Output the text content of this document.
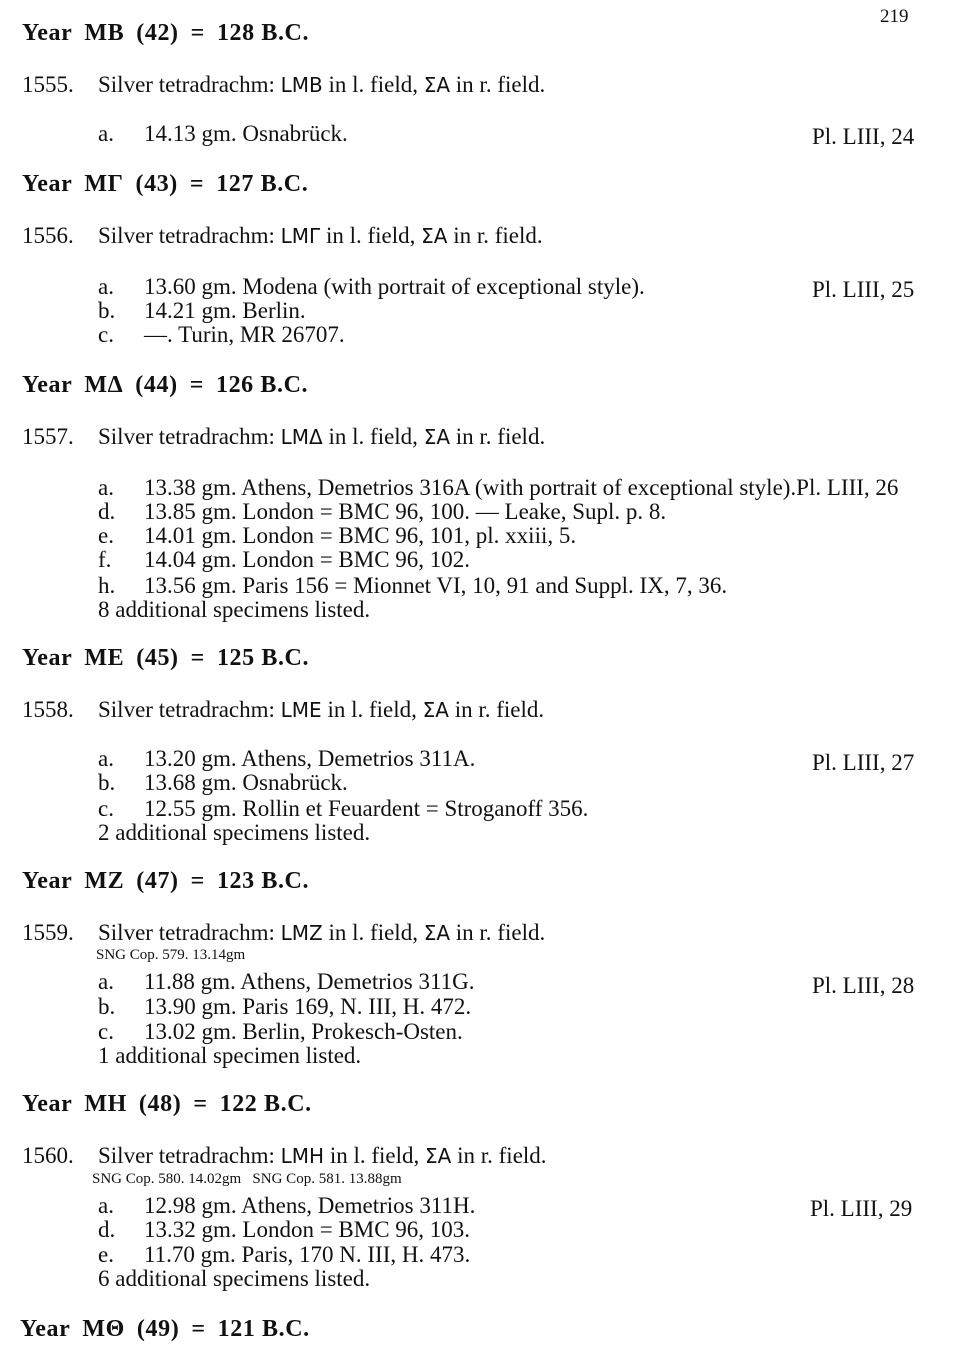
219
Year MB (42) = 128 B.C.
1555. Silver tetradrachm: LMB in l. field, ΣA in r. field.
a. 14.13 gm. Osnabrück.	Pl. LIII, 24
Year MΓ (43) = 127 B.C.
1556. Silver tetradrachm: LMΓ in l. field, ΣA in r. field.
a. 13.60 gm. Modena (with portrait of exceptional style).	Pl. LIII, 25
b. 14.21 gm. Berlin.
c. —. Turin, MR 26707.
Year MΔ (44) = 126 B.C.
1557. Silver tetradrachm: LMΔ in l. field, ΣA in r. field.
a. 13.38 gm. Athens, Demetrios 316A (with portrait of exceptional style).Pl. LIII, 26
d. 13.85 gm. London = BMC 96, 100. — Leake, Supl. p. 8.
e. 14.01 gm. London = BMC 96, 101, pl. xxiii, 5.
f. 14.04 gm. London = BMC 96, 102.
h. 13.56 gm. Paris 156 = Mionnet VI, 10, 91 and Suppl. IX, 7, 36.
8 additional specimens listed.
Year ME (45) = 125 B.C.
1558. Silver tetradrachm: LME in l. field, ΣA in r. field.
a. 13.20 gm. Athens, Demetrios 311A.	Pl. LIII, 27
b. 13.68 gm. Osnabrück.
c. 12.55 gm. Rollin et Feuardent = Stroganoff 356.
2 additional specimens listed.
Year MZ (47) = 123 B.C.
1559. Silver tetradrachm: LMZ in l. field, ΣA in r. field.
SNG Cop. 579. 13.14gm
a. 11.88 gm. Athens, Demetrios 311G.	Pl. LIII, 28
b. 13.90 gm. Paris 169, N. III, H. 472.
c. 13.02 gm. Berlin, Prokesch-Osten.
1 additional specimen listed.
Year MH (48) = 122 B.C.
1560. Silver tetradrachm: LMH in l. field, ΣA in r. field.
SNG Cop. 580. 14.02gm   SNG Cop. 581. 13.88gm
a. 12.98 gm. Athens, Demetrios 311H.	Pl. LIII, 29
d. 13.32 gm. London = BMC 96, 103.
e. 11.70 gm. Paris, 170 N. III, H. 473.
6 additional specimens listed.
Year MΘ (49) = 121 B.C.
